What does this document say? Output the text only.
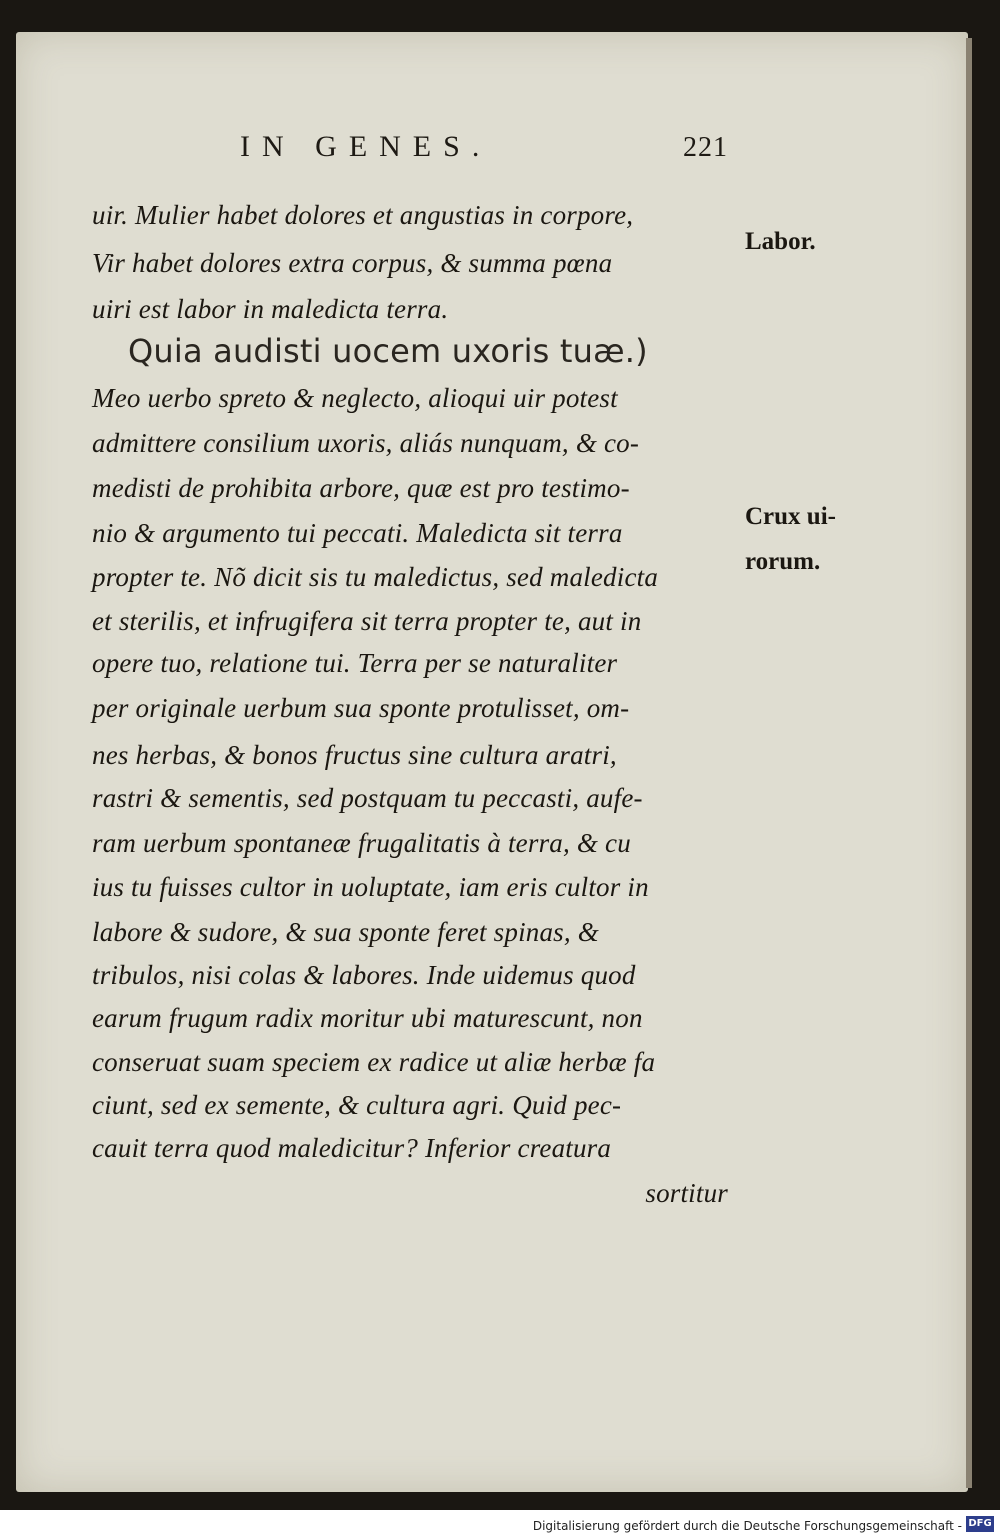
IN GENES.	221
uir. Mulier habet dolores et angustias in corpore,
Vir habet dolores extra corpus, & summa pœna
uiri est labor in maledicta terra.
Quia audisti uocem uxoris tuæ.)
Meo uerbo spreto & neglecto, alioqui uir potest
admittere consilium uxoris, aliás nunquam, & co-
medisti de prohibita arbore, quæ est pro testimo-
nio & argumento tui peccati. Maledicta sit terra
propter te. Nõ dicit sis tu maledictus, sed maledicta
et sterilis, et infrugifera sit terra propter te, aut in
opere tuo, relatione tui. Terra per se naturaliter
per originale uerbum sua sponte protulisset, om-
nes herbas, & bonos fructus sine cultura aratri,
rastri & sementis, sed postquam tu peccasti, aufe-
ram uerbum spontaneæ frugalitatis à terra, & cu
ius tu fuisses cultor in uoluptate, iam eris cultor in
labore & sudore, & sua sponte feret spinas, &
tribulos, nisi colas & labores. Inde uidemus quod
earum frugum radix moritur ubi maturescunt, non
conseruat suam speciem ex radice ut aliæ herbæ fa
ciunt, sed ex semente, & cultura agri. Quid pec-
cauit terra quod maledicitur? Inferior creatura
sortitur
Labor.
Crux ui-
rorum.
Digitalisierung gefördert durch die Deutsche Forschungsgemeinschaft - DFG
